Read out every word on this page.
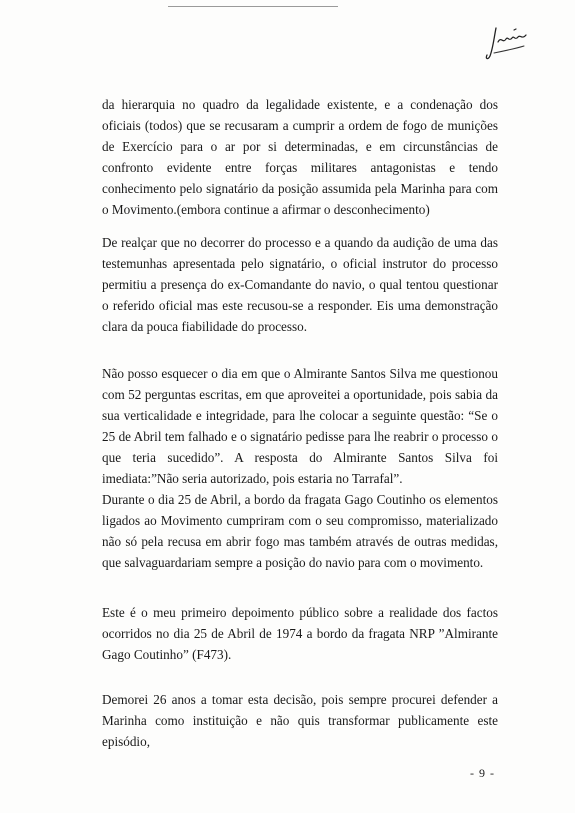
da hierarquia no quadro da legalidade existente, e a condenação dos oficiais (todos) que se recusaram a cumprir a ordem de fogo de munições de Exercício para o ar por si determinadas, e em circunstâncias de confronto evidente entre forças militares antagonistas e tendo conhecimento pelo signatário da posição assumida pela Marinha para com o Movimento.(embora continue a afirmar o desconhecimento)

De realçar que no decorrer do processo e a quando da audição de uma das testemunhas apresentada pelo signatário, o oficial instrutor do processo permitiu a presença do ex-Comandante do navio, o qual tentou questionar o referido oficial mas este recusou-se a responder. Eis uma demonstração clara da pouca fiabilidade do processo.

Não posso esquecer o dia em que o Almirante Santos Silva me questionou com 52 perguntas escritas, em que aproveitei a oportunidade, pois sabia da sua verticalidade e integridade, para lhe colocar a seguinte questão: “Se o 25 de Abril tem falhado e o signatário pedisse para lhe reabrir o processo o que teria sucedido”. A resposta do Almirante Santos Silva foi imediata:”Não seria autorizado, pois estaria no Tarrafal”.

Durante o dia 25 de Abril, a bordo da fragata Gago Coutinho os elementos ligados ao Movimento cumpriram com o seu compromisso, materializado não só pela recusa em abrir fogo mas também através de outras medidas, que salvaguardariam sempre a posição do navio para com o movimento.

Este é o meu primeiro depoimento público sobre a realidade dos factos ocorridos no dia 25 de Abril de 1974 a bordo da fragata NRP ”Almirante Gago Coutinho” (F473).

Demorei 26 anos a tomar esta decisão, pois sempre procurei defender a Marinha como instituição e não quis transformar publicamente este episódio,

- 9 -
